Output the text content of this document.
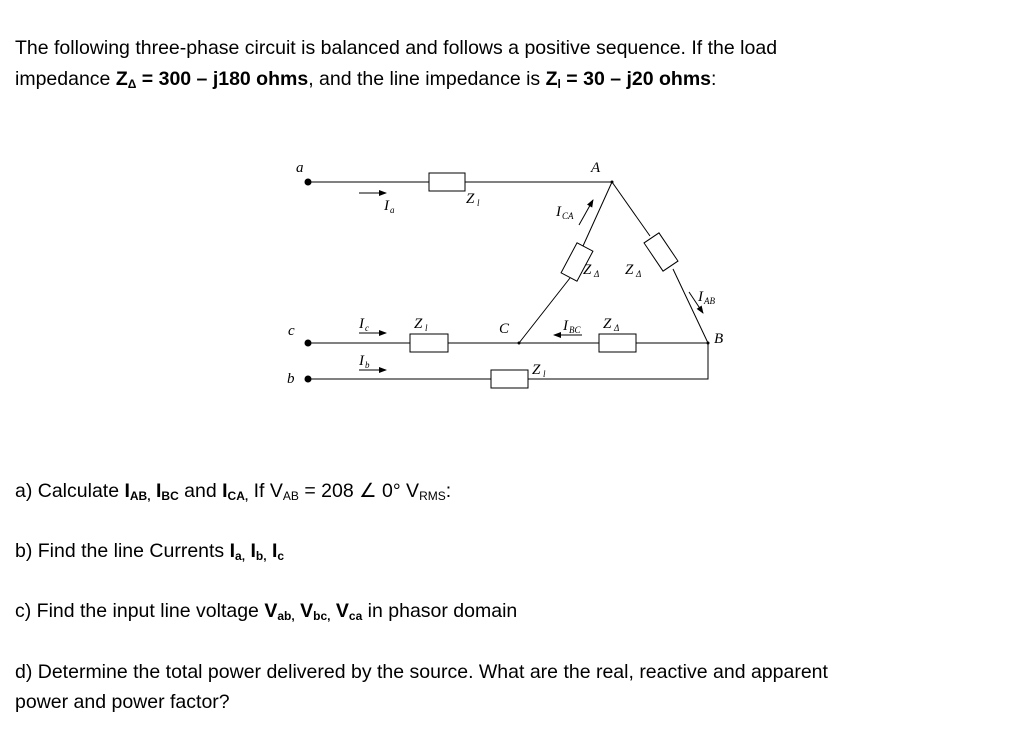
The following three-phase circuit is balanced and follows a positive sequence. If the load
impedance $Z_\Delta = 300 - j180$ ohms, and the line impedance is $Z_l = 30 - j20$ ohms:
a
c
b
A
B
C
I a
I c
I b
I CA
I AB
I BC
Z l
Z l
Z l
Z Δ Z Δ
Z Δ
a) Calculate $I_{AB,}$ $I_{BC}$ and $I_{CA,}$ If $V_{AB} = 208$ ∠ 0° $V_{RMS}$:
b) Find the line Currents $I_{a,}$ $I_{b,}$ $I_c$
c) Find the input line voltage $V_{ab,}$ $V_{bc,}$ $V_{ca}$ in phasor domain
d) Determine the total power delivered by the source. What are the real, reactive and apparent
power and power factor?
